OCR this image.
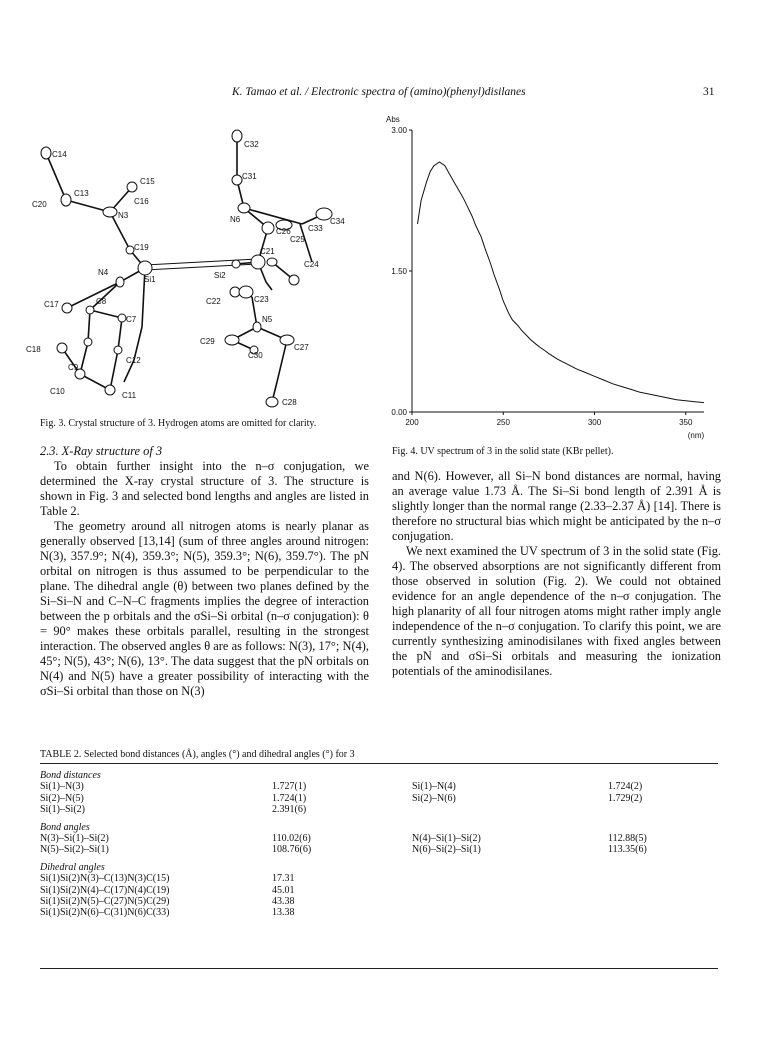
K. Tamao et al. / Electronic spectra of (amino)(phenyl)disilanes	31
C32
C14
C31
C15
C13
C20	C16
N3	N6	C34
C26 C33
C25
C19	C21
N4
Si1	Si2
C24
C17	C8	C22	C23
C7	N5
C29
C27
C30
C18
C9
C12
C10	C11
C28
Fig. 3. Crystal structure of 3. Hydrogen atoms are omitted for clarity.
Abs
3.00
1.50
0.00
200	250	300	350
(nm)
Fig. 4. UV spectrum of 3 in the solid state (KBr pellet).

2.3. X-Ray structure of 3

To obtain further insight into the n–σ conjugation, we determined the X-ray crystal structure of 3. The structure is shown in Fig. 3 and selected bond lengths and angles are listed in Table 2.

The geometry around all nitrogen atoms is nearly planar as generally observed [13,14] (sum of three angles around nitrogen: N(3), 357.9°; N(4), 359.3°; N(5), 359.3°; N(6), 359.7°). The pN orbital on nitrogen is thus assumed to be perpendicular to the plane. The dihedral angle (θ) between two planes defined by the Si–Si–N and C–N–C fragments implies the degree of interaction between the p orbitals and the σSi–Si orbital (n–σ conjugation): θ = 90° makes these orbitals parallel, resulting in the strongest interaction. The observed angles θ are as follows: N(3), 17°; N(4), 45°; N(5), 43°; N(6), 13°. The data suggest that the pN orbitals on N(4) and N(5) have a greater possibility of interacting with the σSi–Si orbital than those on N(3)

and N(6). However, all Si–N bond distances are normal, having an average value 1.73 Å. The Si–Si bond length of 2.391 Å is slightly longer than the normal range (2.33–2.37 Å) [14]. There is therefore no structural bias which might be anticipated by the n–σ conjugation.

We next examined the UV spectrum of 3 in the solid state (Fig. 4). The observed absorptions are not significantly different from those observed in solution (Fig. 2). We could not obtained evidence for an angle dependence of the n–σ conjugation. The high planarity of all four nitrogen atoms might rather imply angle independence of the n–σ conjugation. To clarify this point, we are currently synthesizing aminodisilanes with fixed angles between the pN and σSi–Si orbitals and measuring the ionization potentials of the aminodisilanes.

TABLE 2. Selected bond distances (Å), angles (°) and dihedral angles (°) for 3
Bond distances
Si(1)–N(3)	1.727(1)	Si(1)–N(4)	1.724(2)
Si(2)–N(5)	1.724(1)	Si(2)–N(6)	1.729(2)
Si(1)–Si(2)	2.391(6)
Bond angles
N(3)–Si(1)–Si(2)	110.02(6)	N(4)–Si(1)–Si(2)	112.88(5)
N(5)–Si(2)–Si(1)	108.76(6)	N(6)–Si(2)–Si(1)	113.35(6)
Dihedral angles
Si(1)Si(2)N(3)–C(13)N(3)C(15)	17.31
Si(1)Si(2)N(4)–C(17)N(4)C(19)	45.01
Si(1)Si(2)N(5)–C(27)N(5)C(29)	43.38
Si(1)Si(2)N(6)–C(31)N(6)C(33)	13.38
